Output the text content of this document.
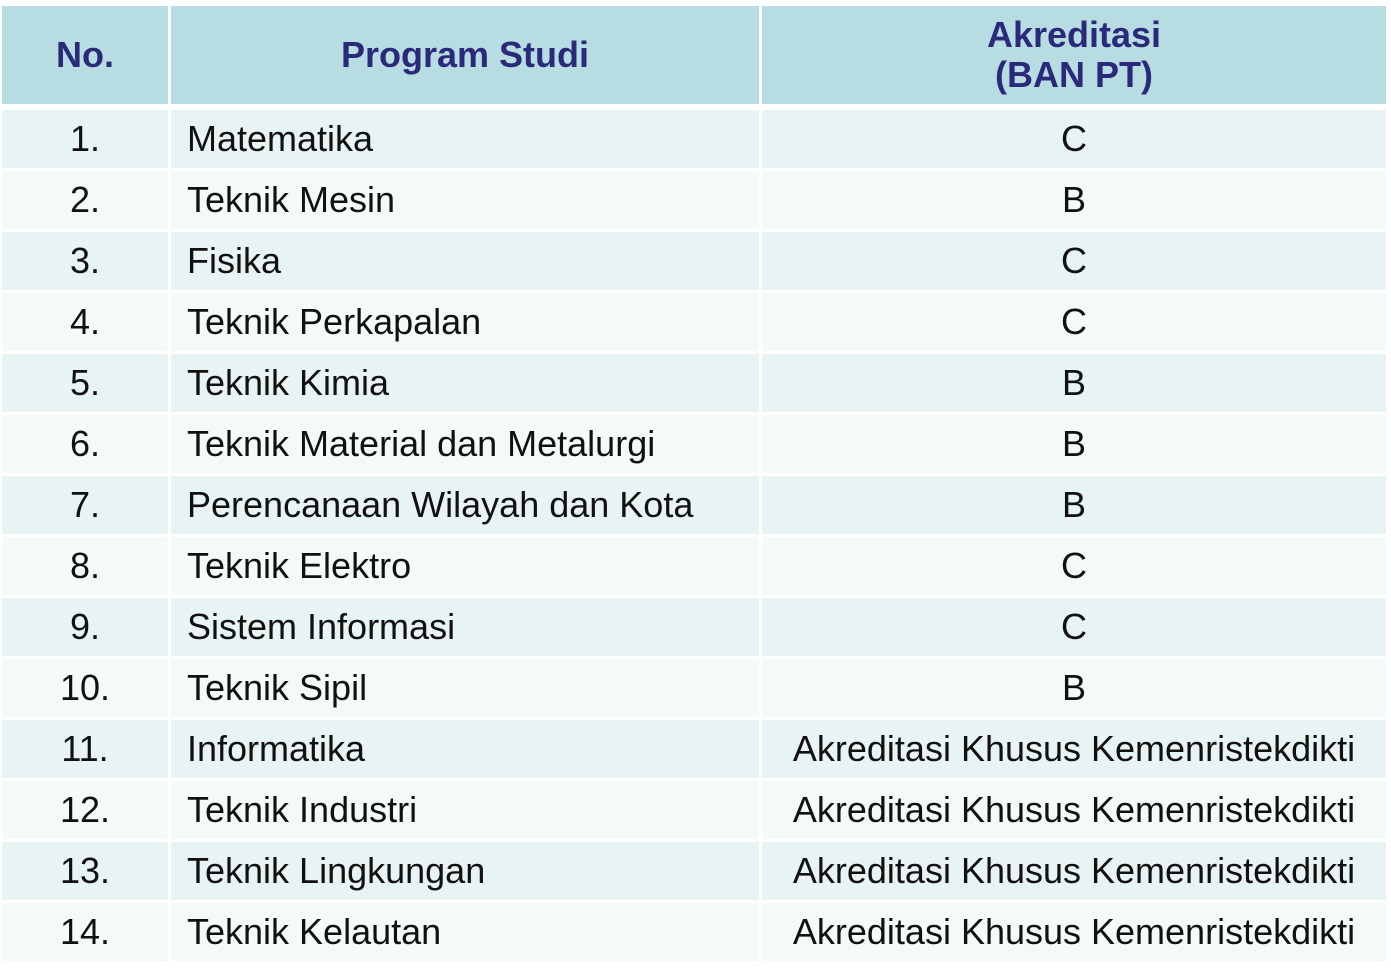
No.	Program Studi	Akreditasi
(BAN PT)

1.	Matematika	C
2.	Teknik Mesin	B
3.	Fisika	C
4.	Teknik Perkapalan	C
5.	Teknik Kimia	B
6.	Teknik Material dan Metalurgi	B
7.	Perencanaan Wilayah dan Kota	B
8.	Teknik Elektro	C
9.	Sistem Informasi	C
10.	Teknik Sipil	B
11.	Informatika	Akreditasi Khusus Kemenristekdikti
12.	Teknik Industri	Akreditasi Khusus Kemenristekdikti
13.	Teknik Lingkungan	Akreditasi Khusus Kemenristekdikti
14.	Teknik Kelautan	Akreditasi Khusus Kemenristekdikti
